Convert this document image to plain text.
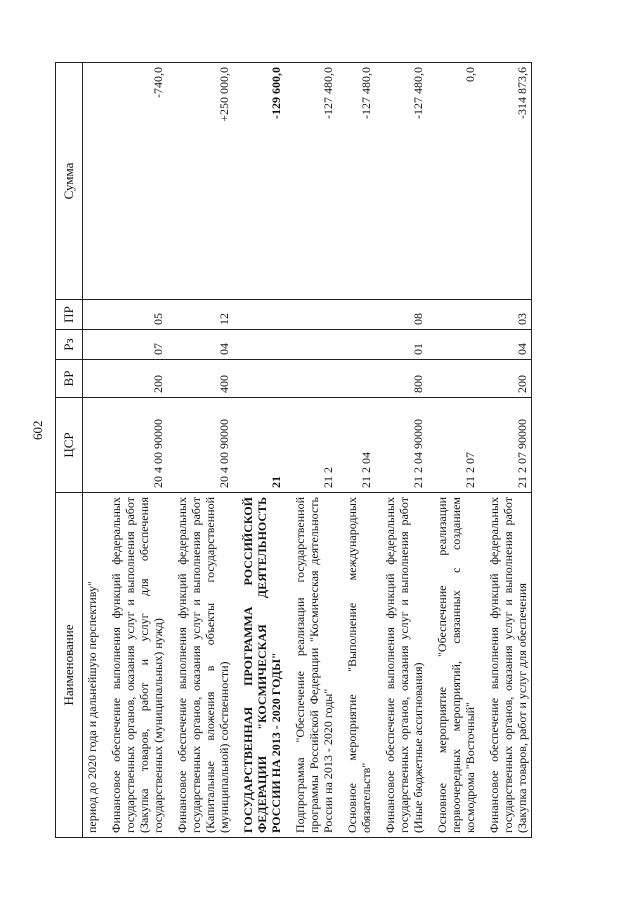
602
Наименование	ЦСР	ВР	Рз	ПР	Сумма
период до 2020 года и дальнейшую перспективу"					
Финансовое обеспечение выполнения функций федеральных государственных органов, оказания услуг и выполнения работ (Закупка товаров, работ и услуг для обеспечения государственных (муниципальных) нужд)	20 4 00 90000	200	07	05	-740,0
Финансовое обеспечение выполнения функций федеральных государственных органов, оказания услуг и выполнения работ (Капитальные вложения в объекты государственной (муниципальной) собственности)	20 4 00 90000	400	04	12	+250 000,0
ГОСУДАРСТВЕННАЯ ПРОГРАММА РОССИЙСКОЙ ФЕДЕРАЦИИ "КОСМИЧЕСКАЯ ДЕЯТЕЛЬНОСТЬ РОССИИ НА 2013 - 2020 ГОДЫ"	21				-129 600,0
Подпрограмма "Обеспечение реализации государственной программы Российской Федерации "Космическая деятельность России на 2013 - 2020 годы"	21 2				-127 480,0
Основное мероприятие "Выполнение международных обязательств"	21 2 04				-127 480,0
Финансовое обеспечение выполнения функций федеральных государственных органов, оказания услуг и выполнения работ (Иные бюджетные ассигнования)	21 2 04 90000	800	01	08	-127 480,0
Основное мероприятие "Обеспечение реализации первоочередных мероприятий, связанных с созданием космодрома "Восточный"	21 2 07				0,0
Финансовое обеспечение выполнения функций федеральных государственных органов, оказания услуг и выполнения работ (Закупка товаров, работ и услуг для обеспечения	21 2 07 90000	200	04	03	-314 873,6
